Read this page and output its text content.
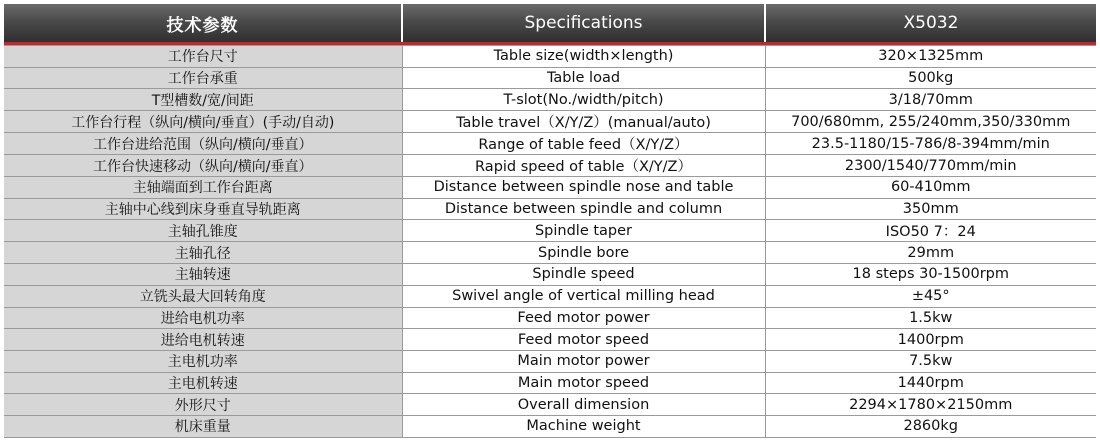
技术参数	Specifications	X5032

工作台尺寸	Table size(width×length)	320×1325mm
工作台承重	Table load	500kg
T型槽数/宽/间距	T-slot(No./width/pitch)	3/18/70mm
工作台行程（纵向/横向/垂直）(手动/自动)	Table travel（X/Y/Z）(manual/auto)	700/680mm, 255/240mm,350/330mm
工作台进给范围（纵向/横向/垂直）	Range of table feed（X/Y/Z）	23.5-1180/15-786/8-394mm/min
工作台快速移动（纵向/横向/垂直）	Rapid speed of table（X/Y/Z）	2300/1540/770mm/min
主轴端面到工作台距离	Distance between spindle nose and table	60-410mm
主轴中心线到床身垂直导轨距离	Distance between spindle and column	350mm
主轴孔锥度	Spindle taper	ISO50 7：24
主轴孔径	Spindle bore	29mm
主轴转速	Spindle speed	18 steps 30-1500rpm
立铣头最大回转角度	Swivel angle of vertical milling head	±45°
进给电机功率	Feed motor power	1.5kw
进给电机转速	Feed motor speed	1400rpm
主电机功率	Main motor power	7.5kw
主电机转速	Main motor speed	1440rpm
外形尺寸	Overall dimension	2294×1780×2150mm
机床重量	Machine weight	2860kg
